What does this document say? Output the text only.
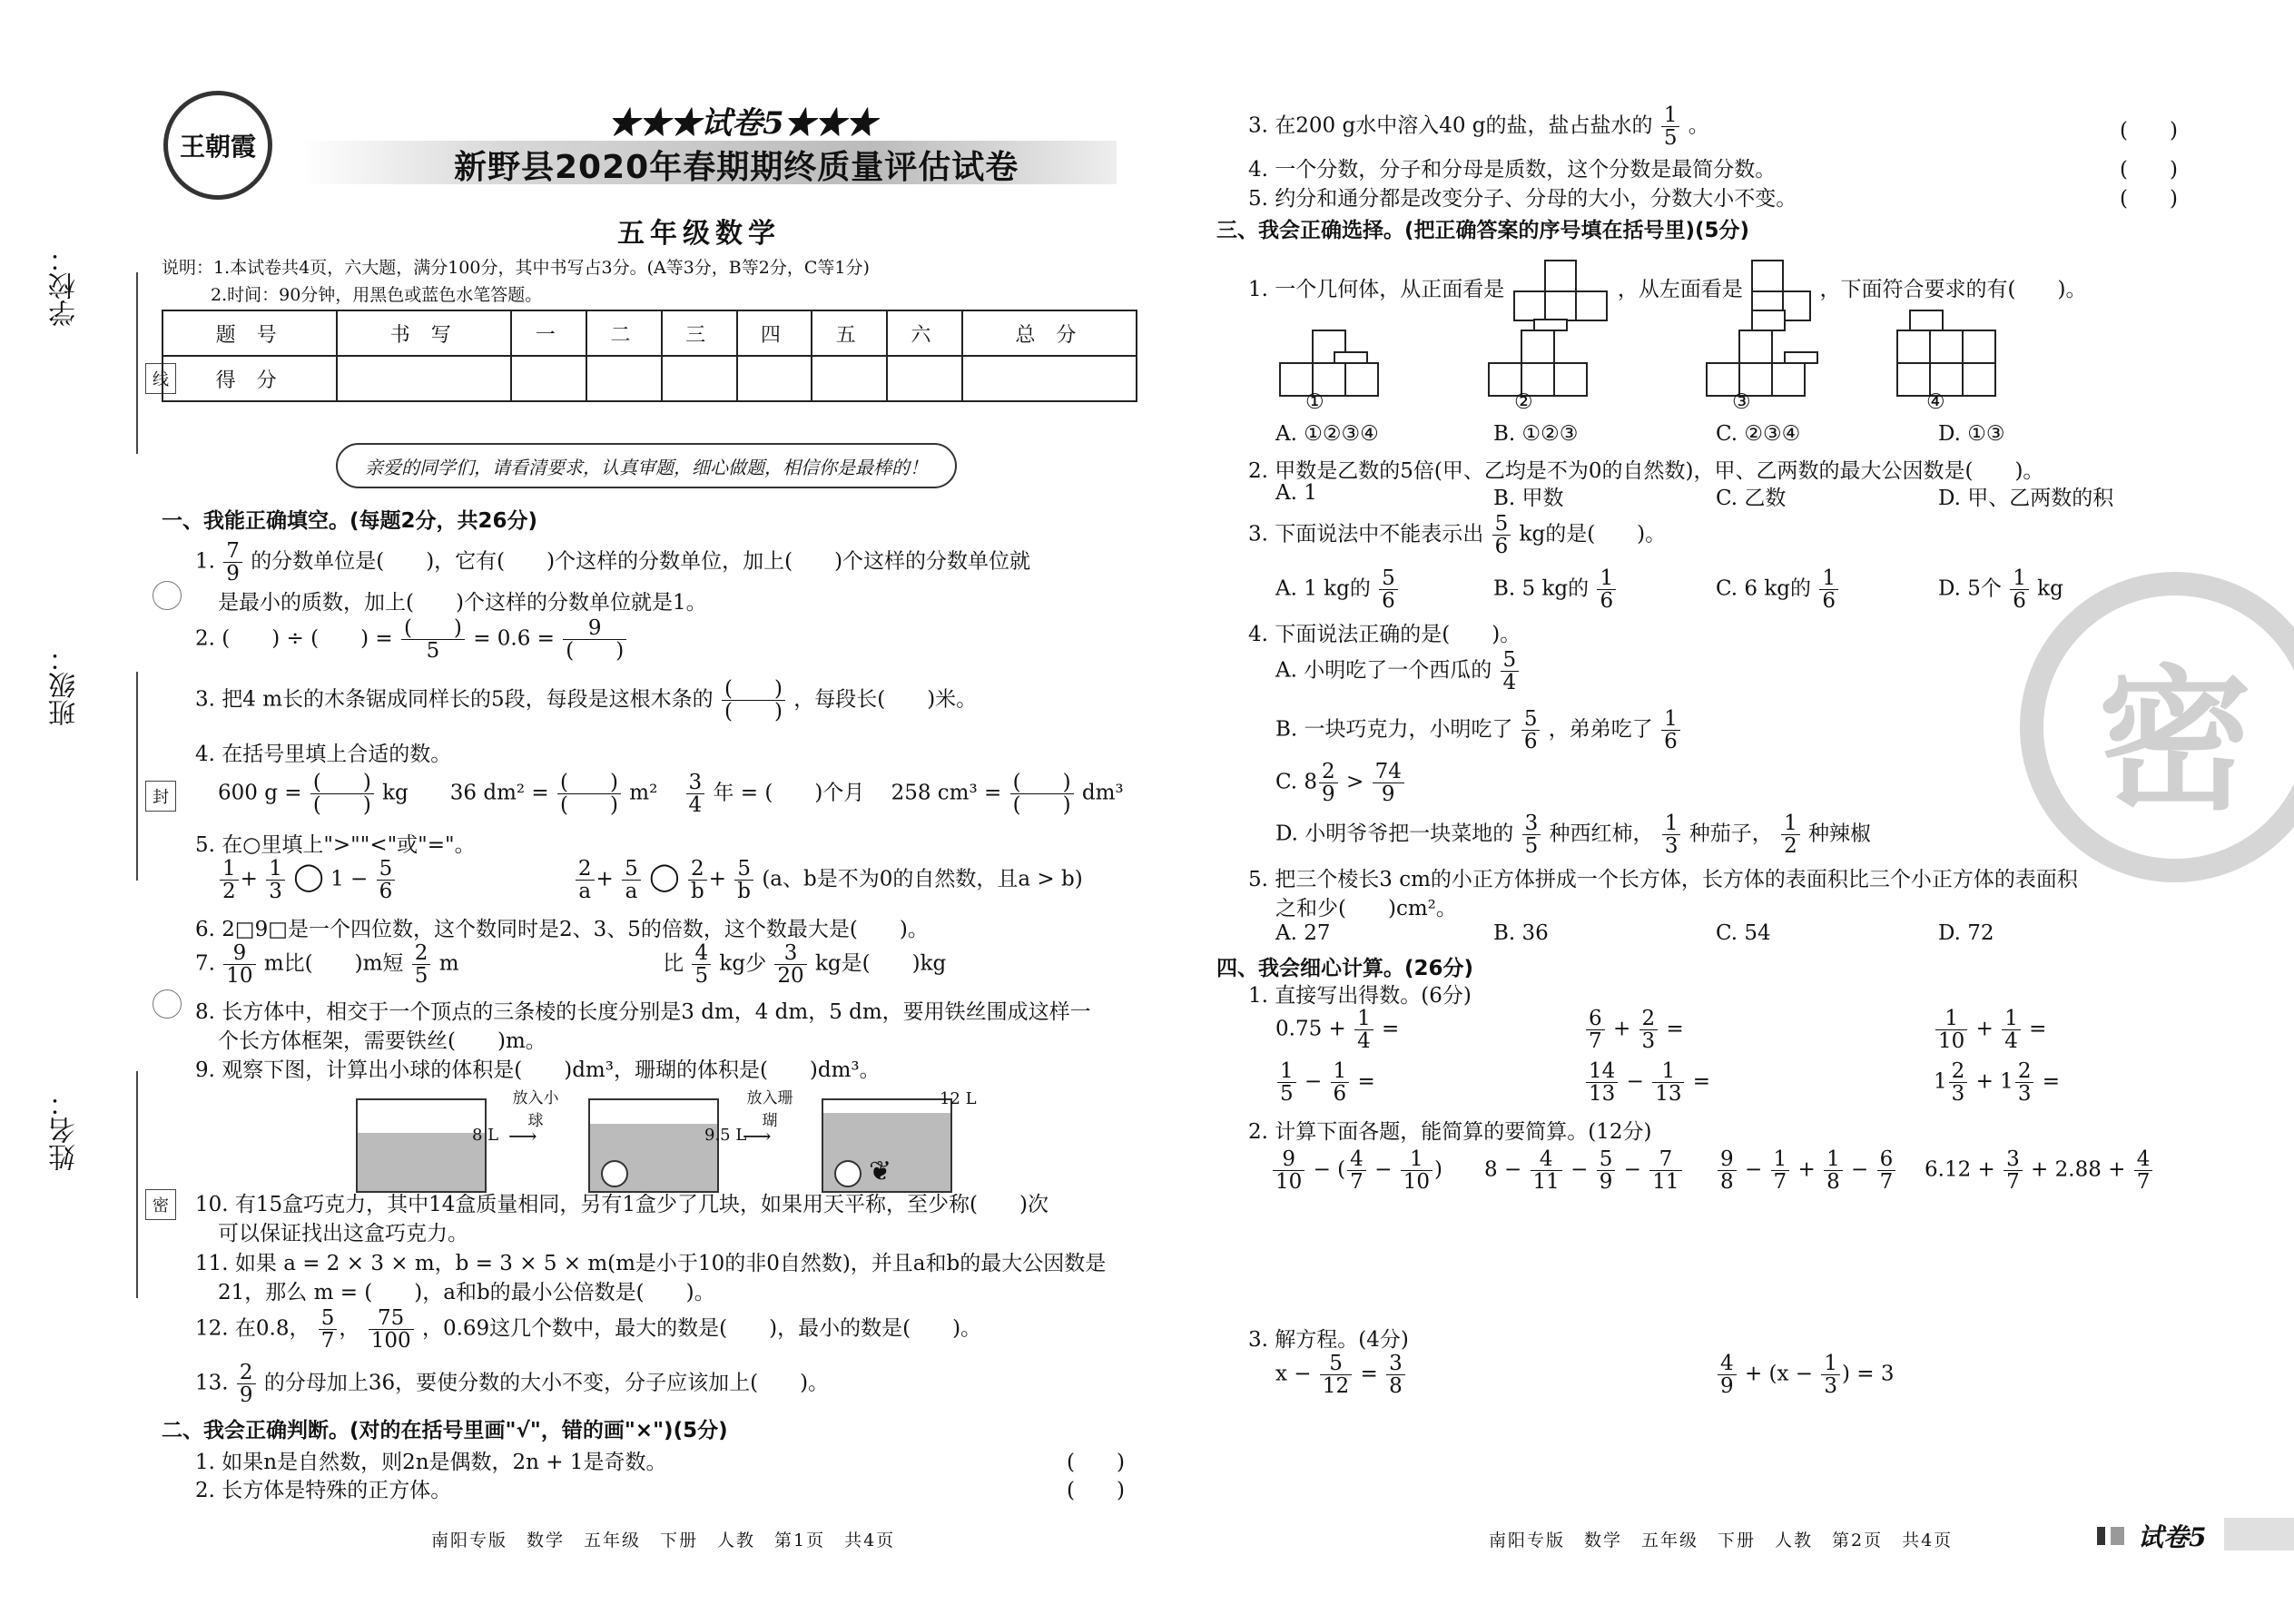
学校：
线
班级：
封
姓名：
密
王朝霞
★★★试卷5★★★
新野县2020年春期期终质量评估试卷
五年级数学
说明：1.本试卷共4页，六大题，满分100分，其中书写占3分。(A等3分，B等2分，C等1分)
2.时间：90分钟，用黑色或蓝色水笔答题。
题 号	书 写	一	二	三	四	五	六	总 分
得 分								
亲爱的同学们，请看清要求，认真审题，细心做题，相信你是最棒的！
一、我能正确填空。(每题2分，共26分)
1. $\frac{7}{9}$ 的分数单位是(　　)，它有(　　)个这样的分数单位，加上(　　)个这样的分数单位就
是最小的质数，加上(　　)个这样的分数单位就是1。
2. (　　) ÷ (　　) = $\frac{( )}{5} = 0.6 = \frac{9}{( )}$
3. 把4 m长的木条锯成同样长的5段，每段是这根木条的 $\frac{( )}{( )}$ ，每段长(　　)米。
4. 在括号里填上合适的数。
600 $g = \frac{( )}{( )}$ kg　　36 $dm^2 = \frac{( )}{( )} m^2 \frac{3}{4}$ 年 = (　　)个月 258 $cm^3 = \frac{( )}{( )} dm^3$
5. 在○里填上">""<"或"="。
$\frac{1}{2} + \frac{1}{3}$ ◯ $1 - \frac{5}{6}$
	$\frac{2}{a} + \frac{5}{a}$ ◯ $\frac{2}{b} + \frac{5}{b} (a$、b是不为0的自然数，且a > b)
6. 2□9□是一个四位数，这个数同时是2、3、5的倍数，这个数最大是(　　)。
7. $\frac{9}{10}$ m比(　　)m短 $\frac{2}{5}$ m	比 $\frac{4}{5}$ kg少 $\frac{3}{20}$ kg是(　　)kg
8. 长方体中，相交于一个顶点的三条棱的长度分别是3 dm，4 dm，5 dm，要用铁丝围成这样一
个长方体框架，需要铁丝(　　)m。
9. 观察下图，计算出小球的体积是(　　)dm³，珊瑚的体积是(　　)dm³。
8 L
放入小球
⟶	9.5 L
放入珊瑚
⟶
❦
12 L
10. 有15盒巧克力，其中14盒质量相同，另有1盒少了几块，如果用天平称，至少称(　　)次
可以保证找出这盒巧克力。
11. 如果 a = 2 × 3 × m，b = 3 × 5 × m(m是小于10的非0自然数)，并且a和b的最大公因数是
21，那么 m = (　　)，a和b的最小公倍数是(　　)。
12. 在0.8， $\frac{5}{7}$ ， $\frac{75}{100}$ ，0.69这几个数中，最大的数是(　　)，最小的数是(　　)。
13. $\frac{2}{9}$ 的分母加上36，要使分数的大小不变，分子应该加上(　　)。
二、我会正确判断。(对的在括号里画"√"，错的画"×")(5分)
1. 如果n是自然数，则2n是偶数，2n + 1是奇数。	(　　)
2. 长方体是特殊的正方体。	(　　)
南阳专版　数学　五年级　下册　人教　第1页　共4页
3. 在200 g水中溶入40 g的盐，盐占盐水的 $\frac{1}{5}$ 。	(　　)
4. 一个分数，分子和分母是质数，这个分数是最简分数。	(　　)
5. 约分和通分都是改变分子、分母的大小，分数大小不变。	(　　)
三、我会正确选择。(把正确答案的序号填在括号里)(5分)
1. 一个几何体，从正面看是	，从左面看是	，下面符合要求的有(　　)。
①	②	③	④
A. ①②③④	B. ①②③	C. ②③④	D. ①③
2. 甲数是乙数的5倍(甲、乙均是不为0的自然数)，甲、乙两数的最大公因数是(　　)。
A. 1	B. 甲数	C. 乙数	D. 甲、乙两数的积
3. 下面说法中不能表示出 $\frac{5}{6}$ kg的是(　　)。
A. 1 kg的 $\frac{5}{6}$	B. 5 kg的 $\frac{1}{6}$	C. 6 kg的 $\frac{1}{6}$	D. 5个 $\frac{1}{6}$ kg
4. 下面说法正确的是(　　)。
A. 小明吃了一个西瓜的 $\frac{5}{4}$
B. 一块巧克力，小明吃了 $\frac{5}{6}$ ，弟弟吃了 $\frac{1}{6}$
C. $8 \frac{2}{9} > \frac{74}{9}$
D. 小明爷爷把一块菜地的 $\frac{3}{5}$ 种西红柿， $\frac{1}{3}$ 种茄子， $\frac{1}{2}$ 种辣椒
5. 把三个棱长3 cm的小正方体拼成一个长方体，长方体的表面积比三个小正方体的表面积
之和少(　　)cm²。
A. 27	B. 36	C. 54	D. 72
四、我会细心计算。(26分)
1. 直接写出得数。(6分)
$0.75 + \frac{1}{4}$ =	$\frac{6}{7} + \frac{2}{3}$ =	$\frac{1}{10} + \frac{1}{4}$ =
$\frac{1}{5} - \frac{1}{6}$ =	$\frac{14}{13} - \frac{1}{13}$ =	$1 \frac{2}{3} + 1 \frac{2}{3}$ =
2. 计算下面各题，能简算的要简算。(12分)
$\frac{9}{10}$ − ( $\frac{4}{7} - \frac{1}{10}$ ) $8 - \frac{4}{11} - \frac{5}{9} - \frac{7}{11} \frac{9}{8} - \frac{1}{7} + \frac{1}{8} - \frac{6}{7} 6.12 + \frac{3}{7} + 2.88 + \frac{4}{7}$
3. 解方程。(4分)
$x - \frac{5}{12} = \frac{3}{8}$	$\frac{4}{9} + (x - \frac{1}{3}$ ) = 3
南阳专版　数学　五年级　下册　人教　第2页　共4页	试卷5
密
